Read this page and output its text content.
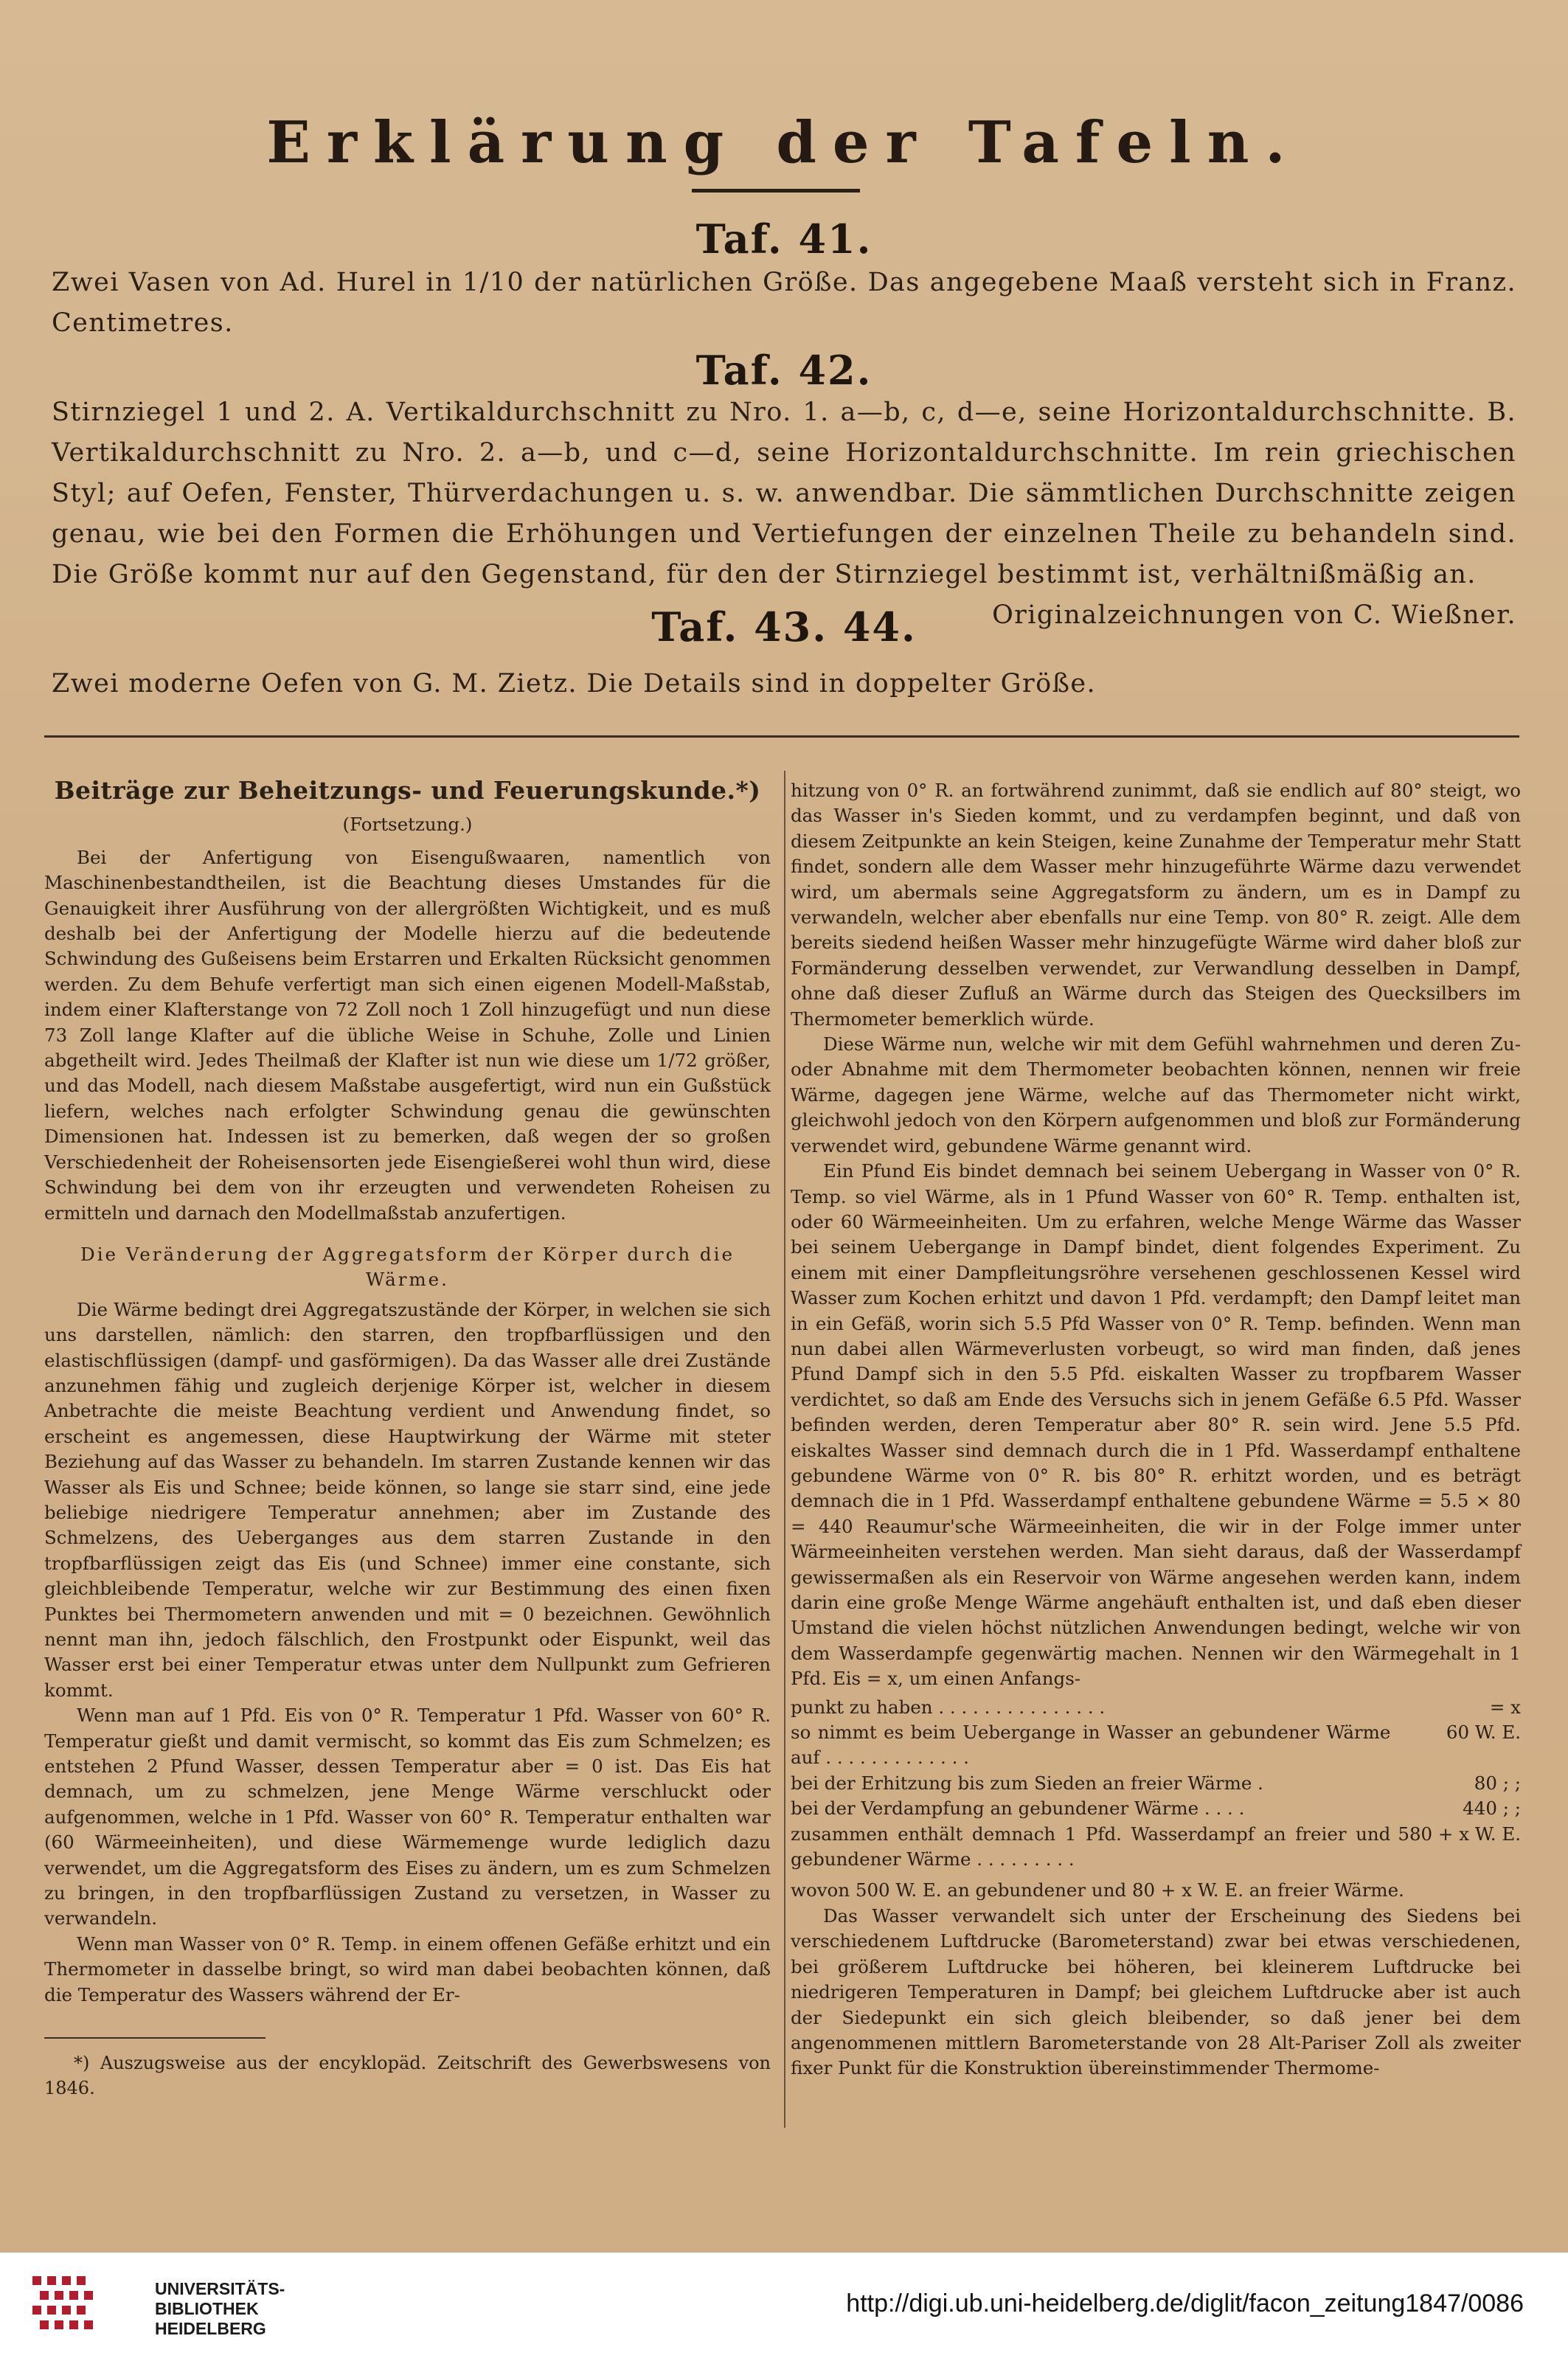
Erklärung der Tafeln.
Taf. 41.
Zwei Vasen von Ad. Hurel in 1/10 der natürlichen Größe. Das angegebene Maaß versteht sich in Franz. Centimetres.
Taf. 42.
Stirnziegel 1 und 2. A. Vertikaldurchschnitt zu Nro. 1. a—b, c, d—e, seine Horizontaldurchschnitte. B. Vertikaldurchschnitt zu Nro. 2. a—b, und c—d, seine Horizontaldurchschnitte. Im rein griechischen Styl; auf Oefen, Fenster, Thürverdachungen u. s. w. anwendbar. Die sämmtlichen Durchschnitte zeigen genau, wie bei den Formen die Erhöhungen und Vertiefungen der einzelnen Theile zu behandeln sind. Die Größe kommt nur auf den Gegenstand, für den der Stirnziegel bestimmt ist, verhältnißmäßig an.
Originalzeichnungen von C. Wießner.
Taf. 43. 44.
Zwei moderne Oefen von G. M. Zietz. Die Details sind in doppelter Größe.
Beiträge zur Beheitzungs- und Feuerungskunde.*)
(Fortsetzung.)

Bei der Anfertigung von Eisengußwaaren, namentlich von Maschinenbestandtheilen, ist die Beachtung dieses Umstandes für die Genauigkeit ihrer Ausführung von der allergrößten Wichtigkeit, und es muß deshalb bei der Anfertigung der Modelle hierzu auf die bedeutende Schwindung des Gußeisens beim Erstarren und Erkalten Rücksicht genommen werden. Zu dem Behufe verfertigt man sich einen eigenen Modell-Maßstab, indem einer Klafterstange von 72 Zoll noch 1 Zoll hinzugefügt und nun diese 73 Zoll lange Klafter auf die übliche Weise in Schuhe, Zolle und Linien abgetheilt wird. Jedes Theilmaß der Klafter ist nun wie diese um 1/72 größer, und das Modell, nach diesem Maßstabe ausgefertigt, wird nun ein Gußstück liefern, welches nach erfolgter Schwindung genau die gewünschten Dimensionen hat. Indessen ist zu bemerken, daß wegen der so großen Verschiedenheit der Roheisensorten jede Eisengießerei wohl thun wird, diese Schwindung bei dem von ihr erzeugten und verwendeten Roheisen zu ermitteln und darnach den Modellmaßstab anzufertigen.

Die Veränderung der Aggregatsform der Körper durch die Wärme.

Die Wärme bedingt drei Aggregatszustände der Körper, in welchen sie sich uns darstellen, nämlich: den starren, den tropfbarflüssigen und den elastischflüssigen (dampf- und gasförmigen). Da das Wasser alle drei Zustände anzunehmen fähig und zugleich derjenige Körper ist, welcher in diesem Anbetrachte die meiste Beachtung verdient und Anwendung findet, so erscheint es angemessen, diese Hauptwirkung der Wärme mit steter Beziehung auf das Wasser zu behandeln. Im starren Zustande kennen wir das Wasser als Eis und Schnee; beide können, so lange sie starr sind, eine jede beliebige niedrigere Temperatur annehmen; aber im Zustande des Schmelzens, des Ueberganges aus dem starren Zustande in den tropfbarflüssigen zeigt das Eis (und Schnee) immer eine constante, sich gleichbleibende Temperatur, welche wir zur Bestimmung des einen fixen Punktes bei Thermometern anwenden und mit = 0 bezeichnen. Gewöhnlich nennt man ihn, jedoch fälschlich, den Frostpunkt oder Eispunkt, weil das Wasser erst bei einer Temperatur etwas unter dem Nullpunkt zum Gefrieren kommt.

Wenn man auf 1 Pfd. Eis von 0° R. Temperatur 1 Pfd. Wasser von 60° R. Temperatur gießt und damit vermischt, so kommt das Eis zum Schmelzen; es entstehen 2 Pfund Wasser, dessen Temperatur aber = 0 ist. Das Eis hat demnach, um zu schmelzen, jene Menge Wärme verschluckt oder aufgenommen, welche in 1 Pfd. Wasser von 60° R. Temperatur enthalten war (60 Wärmeeinheiten), und diese Wärmemenge wurde lediglich dazu verwendet, um die Aggregatsform des Eises zu ändern, um es zum Schmelzen zu bringen, in den tropfbarflüssigen Zustand zu versetzen, in Wasser zu verwandeln.

Wenn man Wasser von 0° R. Temp. in einem offenen Gefäße erhitzt und ein Thermometer in dasselbe bringt, so wird man dabei beobachten können, daß die Temperatur des Wassers während der Er-

*) Auszugsweise aus der encyklopäd. Zeitschrift des Gewerbswesens von 1846.

hitzung von 0° R. an fortwährend zunimmt, daß sie endlich auf 80° steigt, wo das Wasser in's Sieden kommt, und zu verdampfen beginnt, und daß von diesem Zeitpunkte an kein Steigen, keine Zunahme der Temperatur mehr Statt findet, sondern alle dem Wasser mehr hinzugeführte Wärme dazu verwendet wird, um abermals seine Aggregatsform zu ändern, um es in Dampf zu verwandeln, welcher aber ebenfalls nur eine Temp. von 80° R. zeigt. Alle dem bereits siedend heißen Wasser mehr hinzugefügte Wärme wird daher bloß zur Formänderung desselben verwendet, zur Verwandlung desselben in Dampf, ohne daß dieser Zufluß an Wärme durch das Steigen des Quecksilbers im Thermometer bemerklich würde.

Diese Wärme nun, welche wir mit dem Gefühl wahrnehmen und deren Zu- oder Abnahme mit dem Thermometer beobachten können, nennen wir freie Wärme, dagegen jene Wärme, welche auf das Thermometer nicht wirkt, gleichwohl jedoch von den Körpern aufgenommen und bloß zur Formänderung verwendet wird, gebundene Wärme genannt wird.

Ein Pfund Eis bindet demnach bei seinem Uebergang in Wasser von 0° R. Temp. so viel Wärme, als in 1 Pfund Wasser von 60° R. Temp. enthalten ist, oder 60 Wärmeeinheiten. Um zu erfahren, welche Menge Wärme das Wasser bei seinem Uebergange in Dampf bindet, dient folgendes Experiment. Zu einem mit einer Dampfleitungsröhre versehenen geschlossenen Kessel wird Wasser zum Kochen erhitzt und davon 1 Pfd. verdampft; den Dampf leitet man in ein Gefäß, worin sich 5.5 Pfd Wasser von 0° R. Temp. befinden. Wenn man nun dabei allen Wärmeverlusten vorbeugt, so wird man finden, daß jenes Pfund Dampf sich in den 5.5 Pfd. eiskalten Wasser zu tropfbarem Wasser verdichtet, so daß am Ende des Versuchs sich in jenem Gefäße 6.5 Pfd. Wasser befinden werden, deren Temperatur aber 80° R. sein wird. Jene 5.5 Pfd. eiskaltes Wasser sind demnach durch die in 1 Pfd. Wasserdampf enthaltene gebundene Wärme von 0° R. bis 80° R. erhitzt worden, und es beträgt demnach die in 1 Pfd. Wasserdampf enthaltene gebundene Wärme = 5.5 × 80 = 440 Reaumur'sche Wärmeeinheiten, die wir in der Folge immer unter Wärmeeinheiten verstehen werden. Man sieht daraus, daß der Wasserdampf gewissermaßen als ein Reservoir von Wärme angesehen werden kann, indem darin eine große Menge Wärme angehäuft enthalten ist, und daß eben dieser Umstand die vielen höchst nützlichen Anwendungen bedingt, welche wir von dem Wasserdampfe gegenwärtig machen. Nennen wir den Wärmegehalt in 1 Pfd. Eis = x, um einen Anfangs-

punkt zu haben . . . . . . . . . . . . . . .	= x
so nimmt es beim Uebergange in Wasser an gebundener Wärme auf . . . . . . . . . . . . .	60 W. E.
bei der Erhitzung bis zum Sieden an freier Wärme .	80 ; ;
bei der Verdampfung an gebundener Wärme . . . .	440 ; ;
zusammen enthält demnach 1 Pfd. Wasserdampf an freier und gebundener Wärme . . . . . . . . .	580 + x W. E.

wovon 500 W. E. an gebundener und 80 + x W. E. an freier Wärme.

Das Wasser verwandelt sich unter der Erscheinung des Siedens bei verschiedenem Luftdrucke (Barometerstand) zwar bei etwas verschiedenen, bei größerem Luftdrucke bei höheren, bei kleinerem Luftdrucke bei niedrigeren Temperaturen in Dampf; bei gleichem Luftdrucke aber ist auch der Siedepunkt ein sich gleich bleibender, so daß jener bei dem angenommenen mittlern Barometerstande von 28 Alt-Pariser Zoll als zweiter fixer Punkt für die Konstruktion übereinstimmender Thermome-

UNIVERSITÄTS-
BIBLIOTHEK
HEIDELBERG
http://digi.ub.uni-heidelberg.de/diglit/facon_zeitung1847/0086
